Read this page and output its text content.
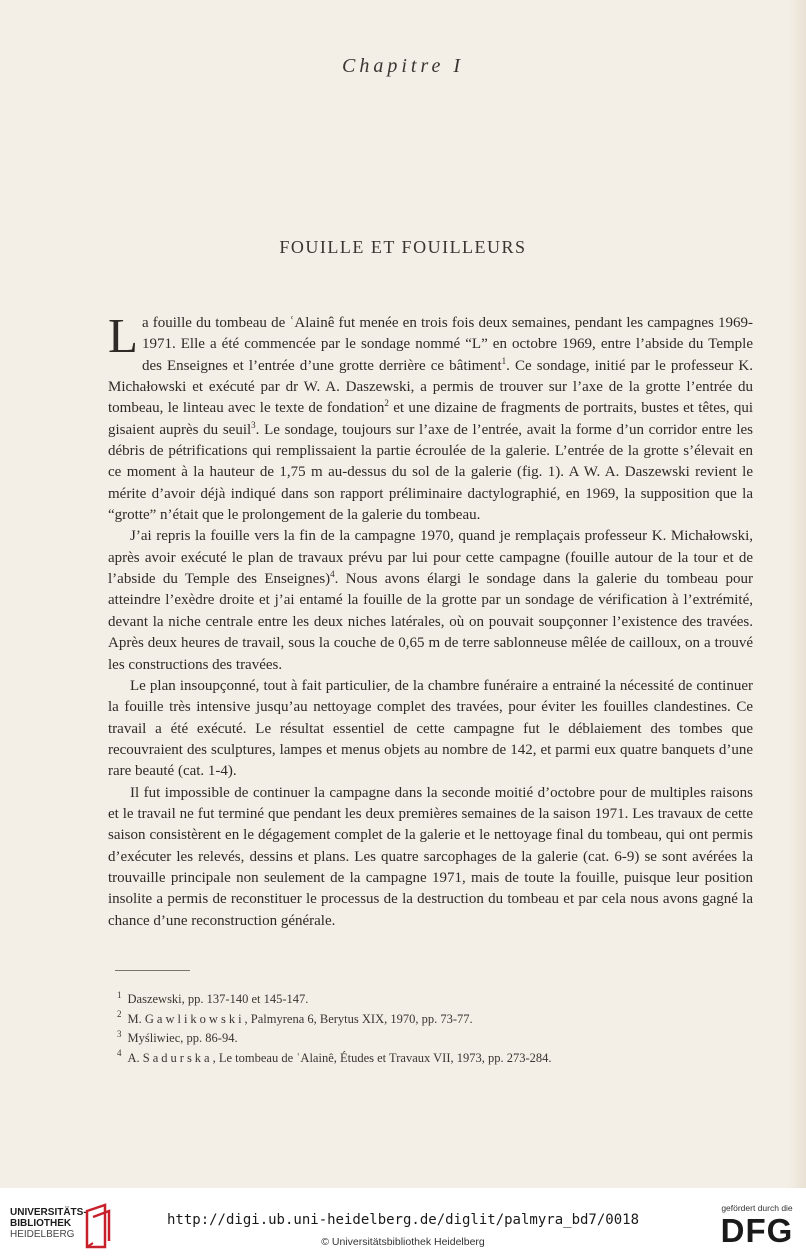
Chapitre I
FOUILLE ET FOUILLEURS

La fouille du tombeau de ʿAlainê fut menée en trois fois deux semaines, pendant les campagnes 1969-1971. Elle a été commencée par le sondage nommé “L” en octobre 1969, entre l’abside du Temple des Enseignes et l’entrée d’une grotte derrière ce bâtiment$^1$. Ce sondage, initié par le professeur K. Michałowski et exécuté par dr W. A. Daszewski, a permis de trouver sur l’axe de la grotte l’entrée du tombeau, le linteau avec le texte de fondation$^2$ et une dizaine de fragments de portraits, bustes et têtes, qui gisaient auprès du seuil$^3$. Le sondage, toujours sur l’axe de l’entrée, avait la forme d’un corridor entre les débris de pétrifications qui remplissaient la partie écroulée de la galerie. L’entrée de la grotte s’élevait en ce moment à la hauteur de 1,75 m au-dessus du sol de la galerie (fig. 1). A W. A. Daszewski revient le mérite d’avoir déjà indiqué dans son rapport préliminaire dactylographié, en 1969, la supposition que la “grotte” n’était que le prolongement de la galerie du tombeau.

J’ai repris la fouille vers la fin de la campagne 1970, quand je remplaçais professeur K. Michałowski, après avoir exécuté le plan de travaux prévu par lui pour cette campagne (fouille autour de la tour et de l’abside du Temple des Enseignes)$^4$. Nous avons élargi le sondage dans la galerie du tombeau pour atteindre l’exèdre droite et j’ai entamé la fouille de la grotte par un sondage de vérification à l’extrémité, devant la niche centrale entre les deux niches latérales, où on pouvait soupçonner l’existence des travées. Après deux heures de travail, sous la couche de 0,65 m de terre sablonneuse mêlée de cailloux, on a trouvé les constructions des travées.

Le plan insoupçonné, tout à fait particulier, de la chambre funéraire a entrainé la nécessité de continuer la fouille très intensive jusqu’au nettoyage complet des travées, pour éviter les fouilles clandestines. Ce travail a été exécuté. Le résultat essentiel de cette campagne fut le déblaiement des tombes que recouvraient des sculptures, lampes et menus objets au nombre de 142, et parmi eux quatre banquets d’une rare beauté (cat. 1-4).

Il fut impossible de continuer la campagne dans la seconde moitié d’octobre pour de multiples raisons et le travail ne fut terminé que pendant les deux premières semaines de la saison 1971. Les travaux de cette saison consistèrent en le dégagement complet de la galerie et le nettoyage final du tombeau, qui ont permis d’exécuter les relevés, dessins et plans. Les quatre sarcophages de la galerie (cat. 6-9) se sont avérées la trouvaille principale non seulement de la campagne 1971, mais de toute la fouille, puisque leur position insolite a permis de reconstituer le processus de la destruction du tombeau et par cela nous avons gagné la chance d’une reconstruction générale.

$^1$ Daszewski, pp. 137-140 et 145-147.
$^2$ M. Gawlikowski, Palmyrena 6, Berytus XIX, 1970, pp. 73-77.
$^3$ Myśliwiec, pp. 86-94.
$^4$ A. Sadurska, Le tombeau de ʿAlainê, Études et Travaux VII, 1973, pp. 273-284.
UNIVERSITÄTS-
BIBLIOTHEK
HEIDELBERG
http://digi.ub.uni-heidelberg.de/diglit/palmyra_bd7/0018
© Universitätsbibliothek Heidelberg
gefördert durch die
DFG
